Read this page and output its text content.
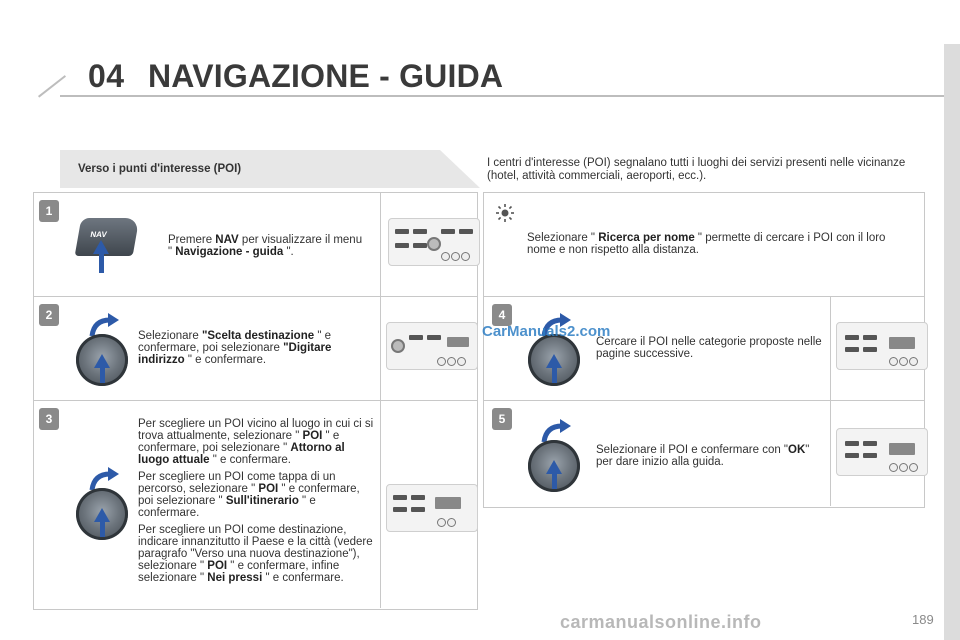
04 NAVIGAZIONE - GUIDA
Verso i punti d'interesse (POI)	I centri d'interesse (POI) segnalano tutti i luoghi dei servizi presenti nelle vicinanze (hotel, attività commerciali, aeroporti, ecc.).
1
NAV	Premere NAV per visualizzare il menu " Navigazione - guida ".
2
Selezionare "Scelta destinazione " e confermare, poi selezionare "Digitare indirizzo " e confermare.
3	Per scegliere un POI vicino al luogo in cui ci si trova attualmente, selezionare " POI " e confermare, poi selezionare " Attorno al luogo attuale " e confermare.

Per scegliere un POI come tappa di un percorso, selezionare " POI " e confermare, poi selezionare " Sull'itinerario " e confermare.

Per scegliere un POI come destinazione, indicare innanzitutto il Paese e la città (vedere paragrafo "Verso una nuova destinazione"), selezionare " POI " e confermare, infine selezionare " Nei pressi " e confermare.

Selezionare " Ricerca per nome " permette di cercare i POI con il loro nome e non rispetto alla distanza.
4
Cercare il POI nelle categorie proposte nelle pagine successive.
5
Selezionare il POI e confermare con "OK" per dare inizio alla guida.
CarManuals2.com
carmanualsonline.info	189
